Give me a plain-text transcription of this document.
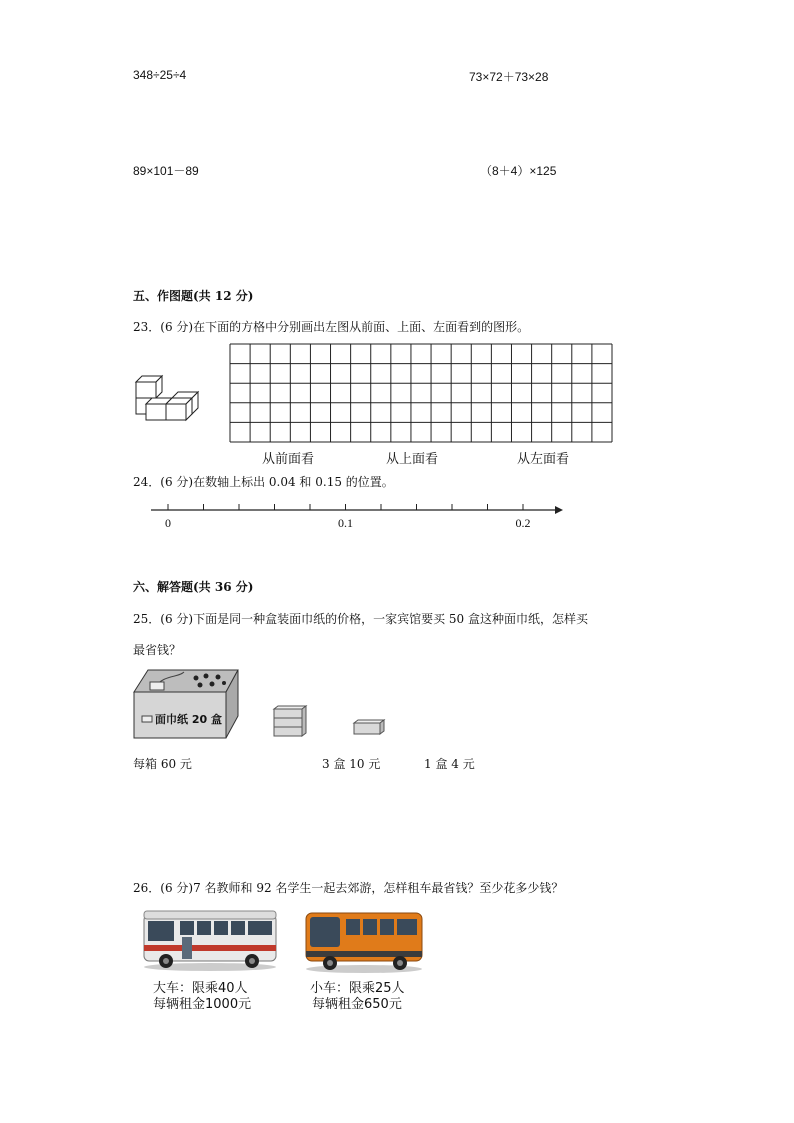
348÷25÷4	73×72＋73×28
89×101－89	（8＋4）×125
五、作图题(共 12 分)
23．(6 分)在下面的方格中分别画出左图从前面、上面、左面看到的图形。
从前面看	从上面看	从左面看
24．(6 分)在数轴上标出 0.04 和 0.15 的位置。
0	0.1	0.2
六、解答题(共 36 分)
25．(6 分)下面是同一种盒装面巾纸的价格，一家宾馆要买 50 盒这种面巾纸，怎样买
最省钱？
面巾纸 20 盒
每箱 60 元	3 盒 10 元	1 盒 4 元
26．(6 分)7 名教师和 92 名学生一起去郊游，怎样租车最省钱？至少花多少钱？
大车：限乘40人
每辆租金1000元
小车：限乘25人
每辆租金650元
